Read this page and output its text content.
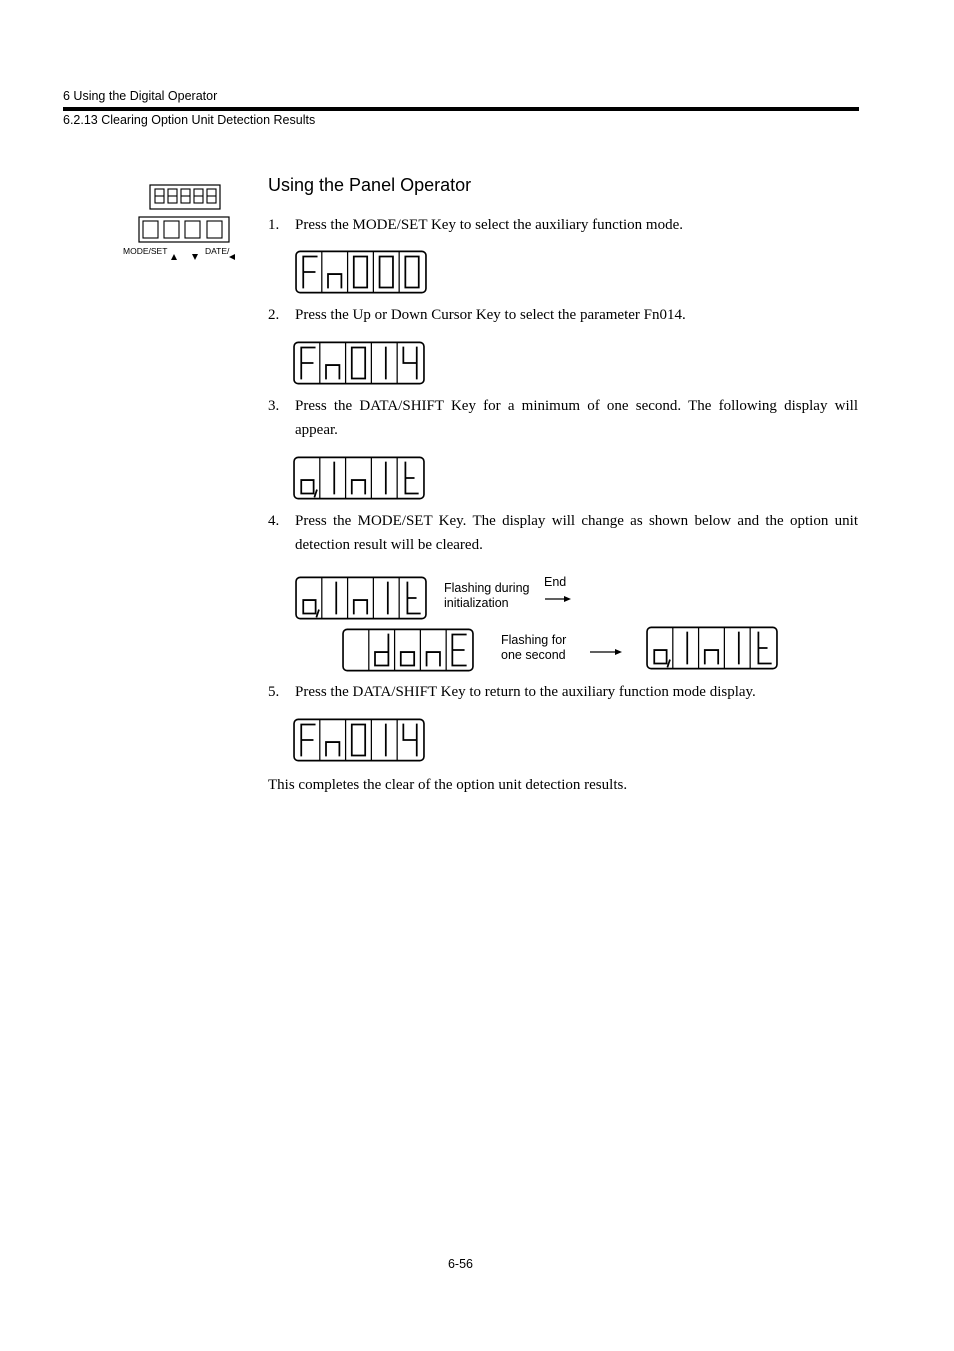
6 Using the Digital Operator
6.2.13 Clearing Option Unit Detection Results
MODE/SET	DATE/
Using the Panel Operator
1. Press the MODE/SET Key to select the auxiliary function mode.
2. Press the Up or Down Cursor Key to select the parameter Fn014.
3. Press the DATA/SHIFT Key for a minimum of one second. The following display will appear.
4. Press the MODE/SET Key. The display will change as shown below and the option unit detection result will be cleared.
Flashing during
initialization
End
Flashing for
one second
5. Press the DATA/SHIFT Key to return to the auxiliary function mode display.
This completes the clear of the option unit detection results.
6-56
